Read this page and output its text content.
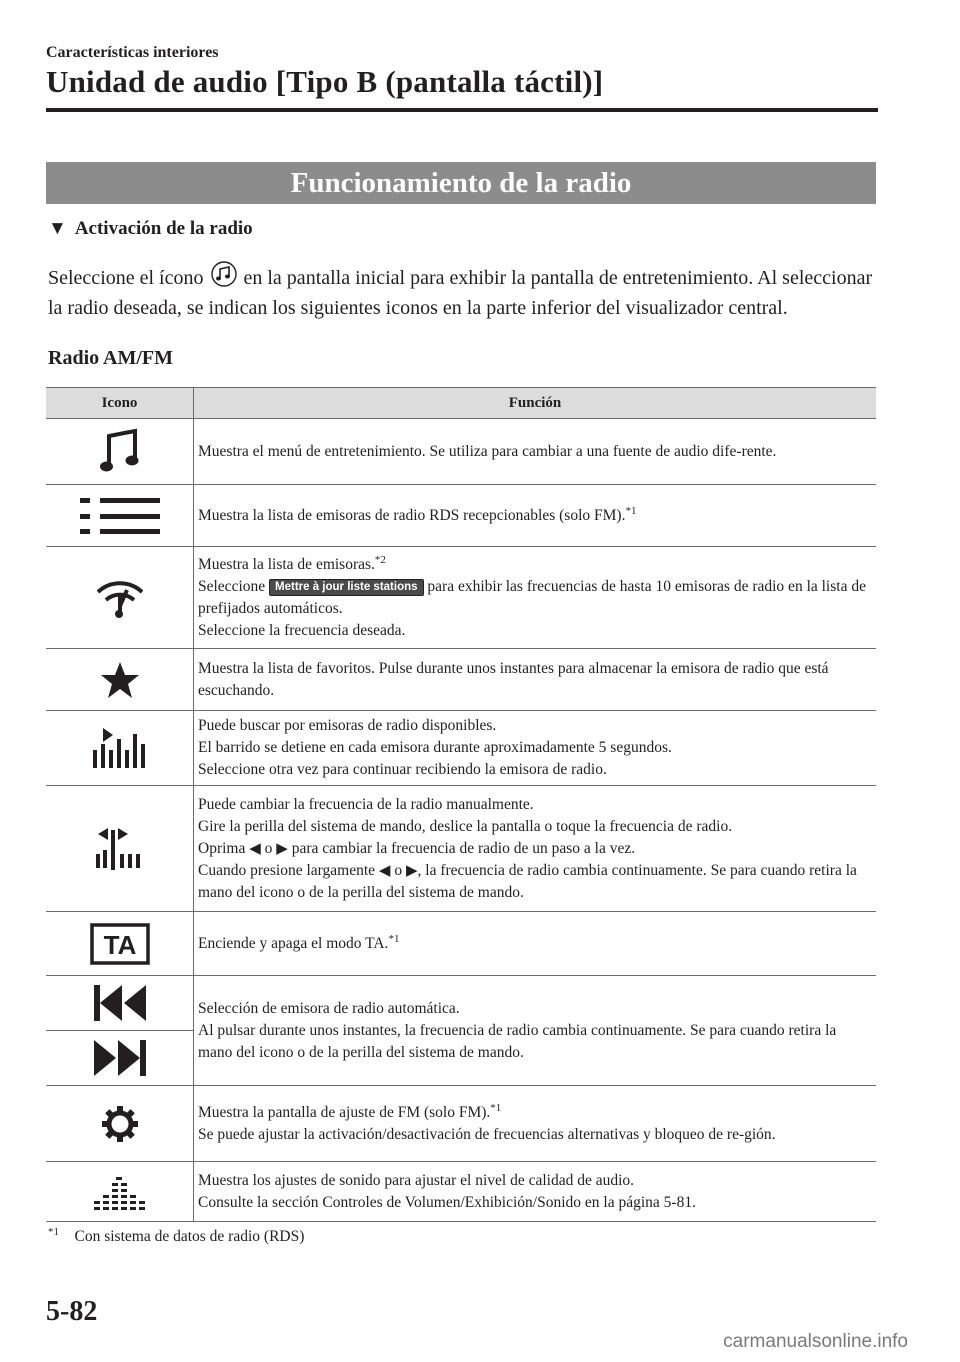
Características interiores
Unidad de audio [Tipo B (pantalla táctil)]
Funcionamiento de la radio
▼ Activación de la radio
Seleccione el ícono  en la pantalla inicial para exhibir la pantalla de entretenimiento. Al seleccionar la radio deseada, se indican los siguientes iconos en la parte inferior del visualizador central.
Radio AM/FM
Icono	Función

	Muestra el menú de entretenimiento. Se utiliza para cambiar a una fuente de audio dife-rente.

	Muestra la lista de emisoras de radio RDS recepcionables (solo FM).$^{*1}$

Muestra la lista de emisoras.$^{*2}$
Seleccione Mettre à jour liste stations para exhibir las frecuencias de hasta 10 emisoras de radio en la lista de prefijados automáticos.
Seleccione la frecuencia deseada.

	Muestra la lista de favoritos. Pulse durante unos instantes para almacenar la emisora de radio que está escuchando.

Puede buscar por emisoras de radio disponibles.
El barrido se detiene en cada emisora durante aproximadamente 5 segundos.
Seleccione otra vez para continuar recibiendo la emisora de radio.

Puede cambiar la frecuencia de la radio manualmente.
Gire la perilla del sistema de mando, deslice la pantalla o toque la frecuencia de radio.
Oprima ◀ o ▶ para cambiar la frecuencia de radio de un paso a la vez.
Cuando presione largamente ◀ o ▶, la frecuencia de radio cambia continuamente. Se para cuando retira la mano del icono o de la perilla del sistema de mando.

TA	Enciende y apaga el modo TA.$^{*1}$

Selección de emisora de radio automática.
Al pulsar durante unos instantes, la frecuencia de radio cambia continuamente. Se para cuando retira la mano del icono o de la perilla del sistema de mando.

Muestra la pantalla de ajuste de FM (solo FM).$^{*1}$
Se puede ajustar la activación/desactivación de frecuencias alternativas y bloqueo de re-gión.

Muestra los ajustes de sonido para ajustar el nivel de calidad de audio.
Consulte la sección Controles de Volumen/Exhibición/Sonido en la página 5-81.
$^{*1}$ Con sistema de datos de radio (RDS)
5-82
carmanualsonline.info
